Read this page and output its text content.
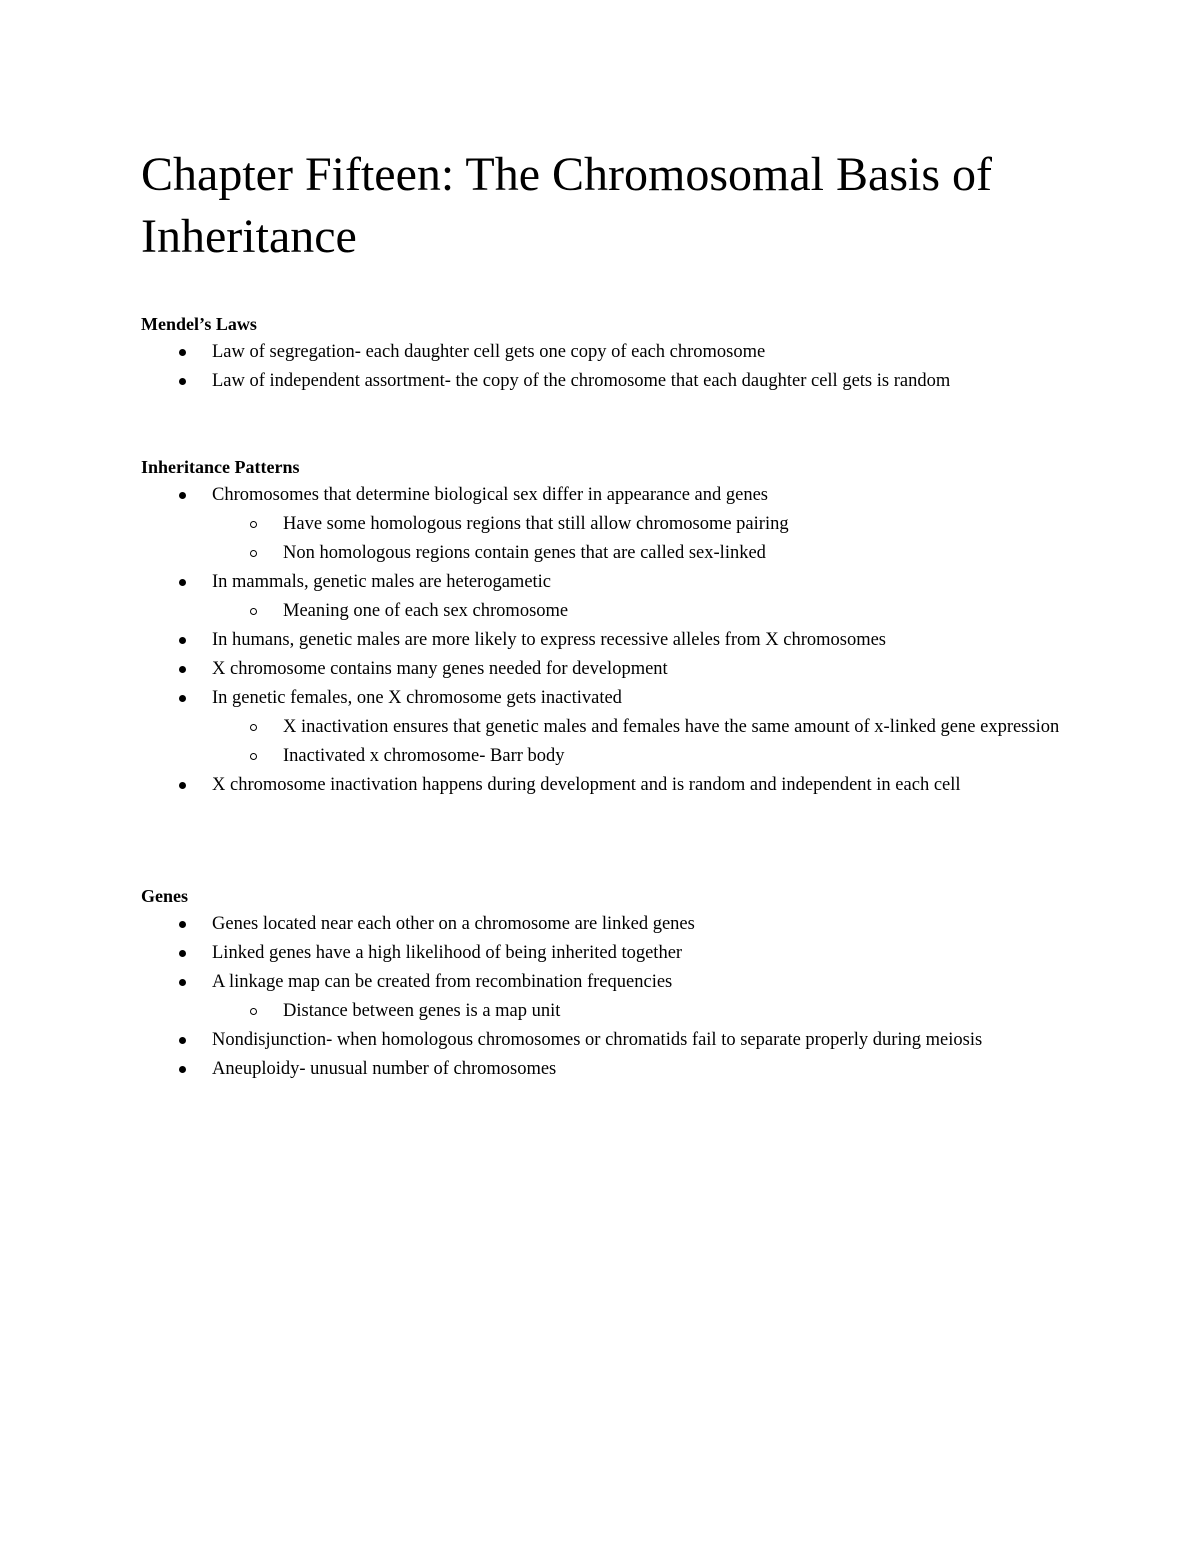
Chapter Fifteen: The Chromosomal Basis of Inheritance
Mendel’s Laws
Law of segregation- each daughter cell gets one copy of each chromosome
Law of independent assortment- the copy of the chromosome that each daughter cell gets is random
Inheritance Patterns
Chromosomes that determine biological sex differ in appearance and genes
Have some homologous regions that still allow chromosome pairing
Non homologous regions contain genes that are called sex-linked
In mammals, genetic males are heterogametic
Meaning one of each sex chromosome
In humans, genetic males are more likely to express recessive alleles from X chromosomes
X chromosome contains many genes needed for development
In genetic females, one X chromosome gets inactivated
X inactivation ensures that genetic males and females have the same amount of x-linked gene expression
Inactivated x chromosome- Barr body
X chromosome inactivation happens during development and is random and independent in each cell
Genes
Genes located near each other on a chromosome are linked genes
Linked genes have a high likelihood of being inherited together
A linkage map can be created from recombination frequencies
Distance between genes is a map unit
Nondisjunction- when homologous chromosomes or chromatids fail to separate properly during meiosis
Aneuploidy- unusual number of chromosomes
